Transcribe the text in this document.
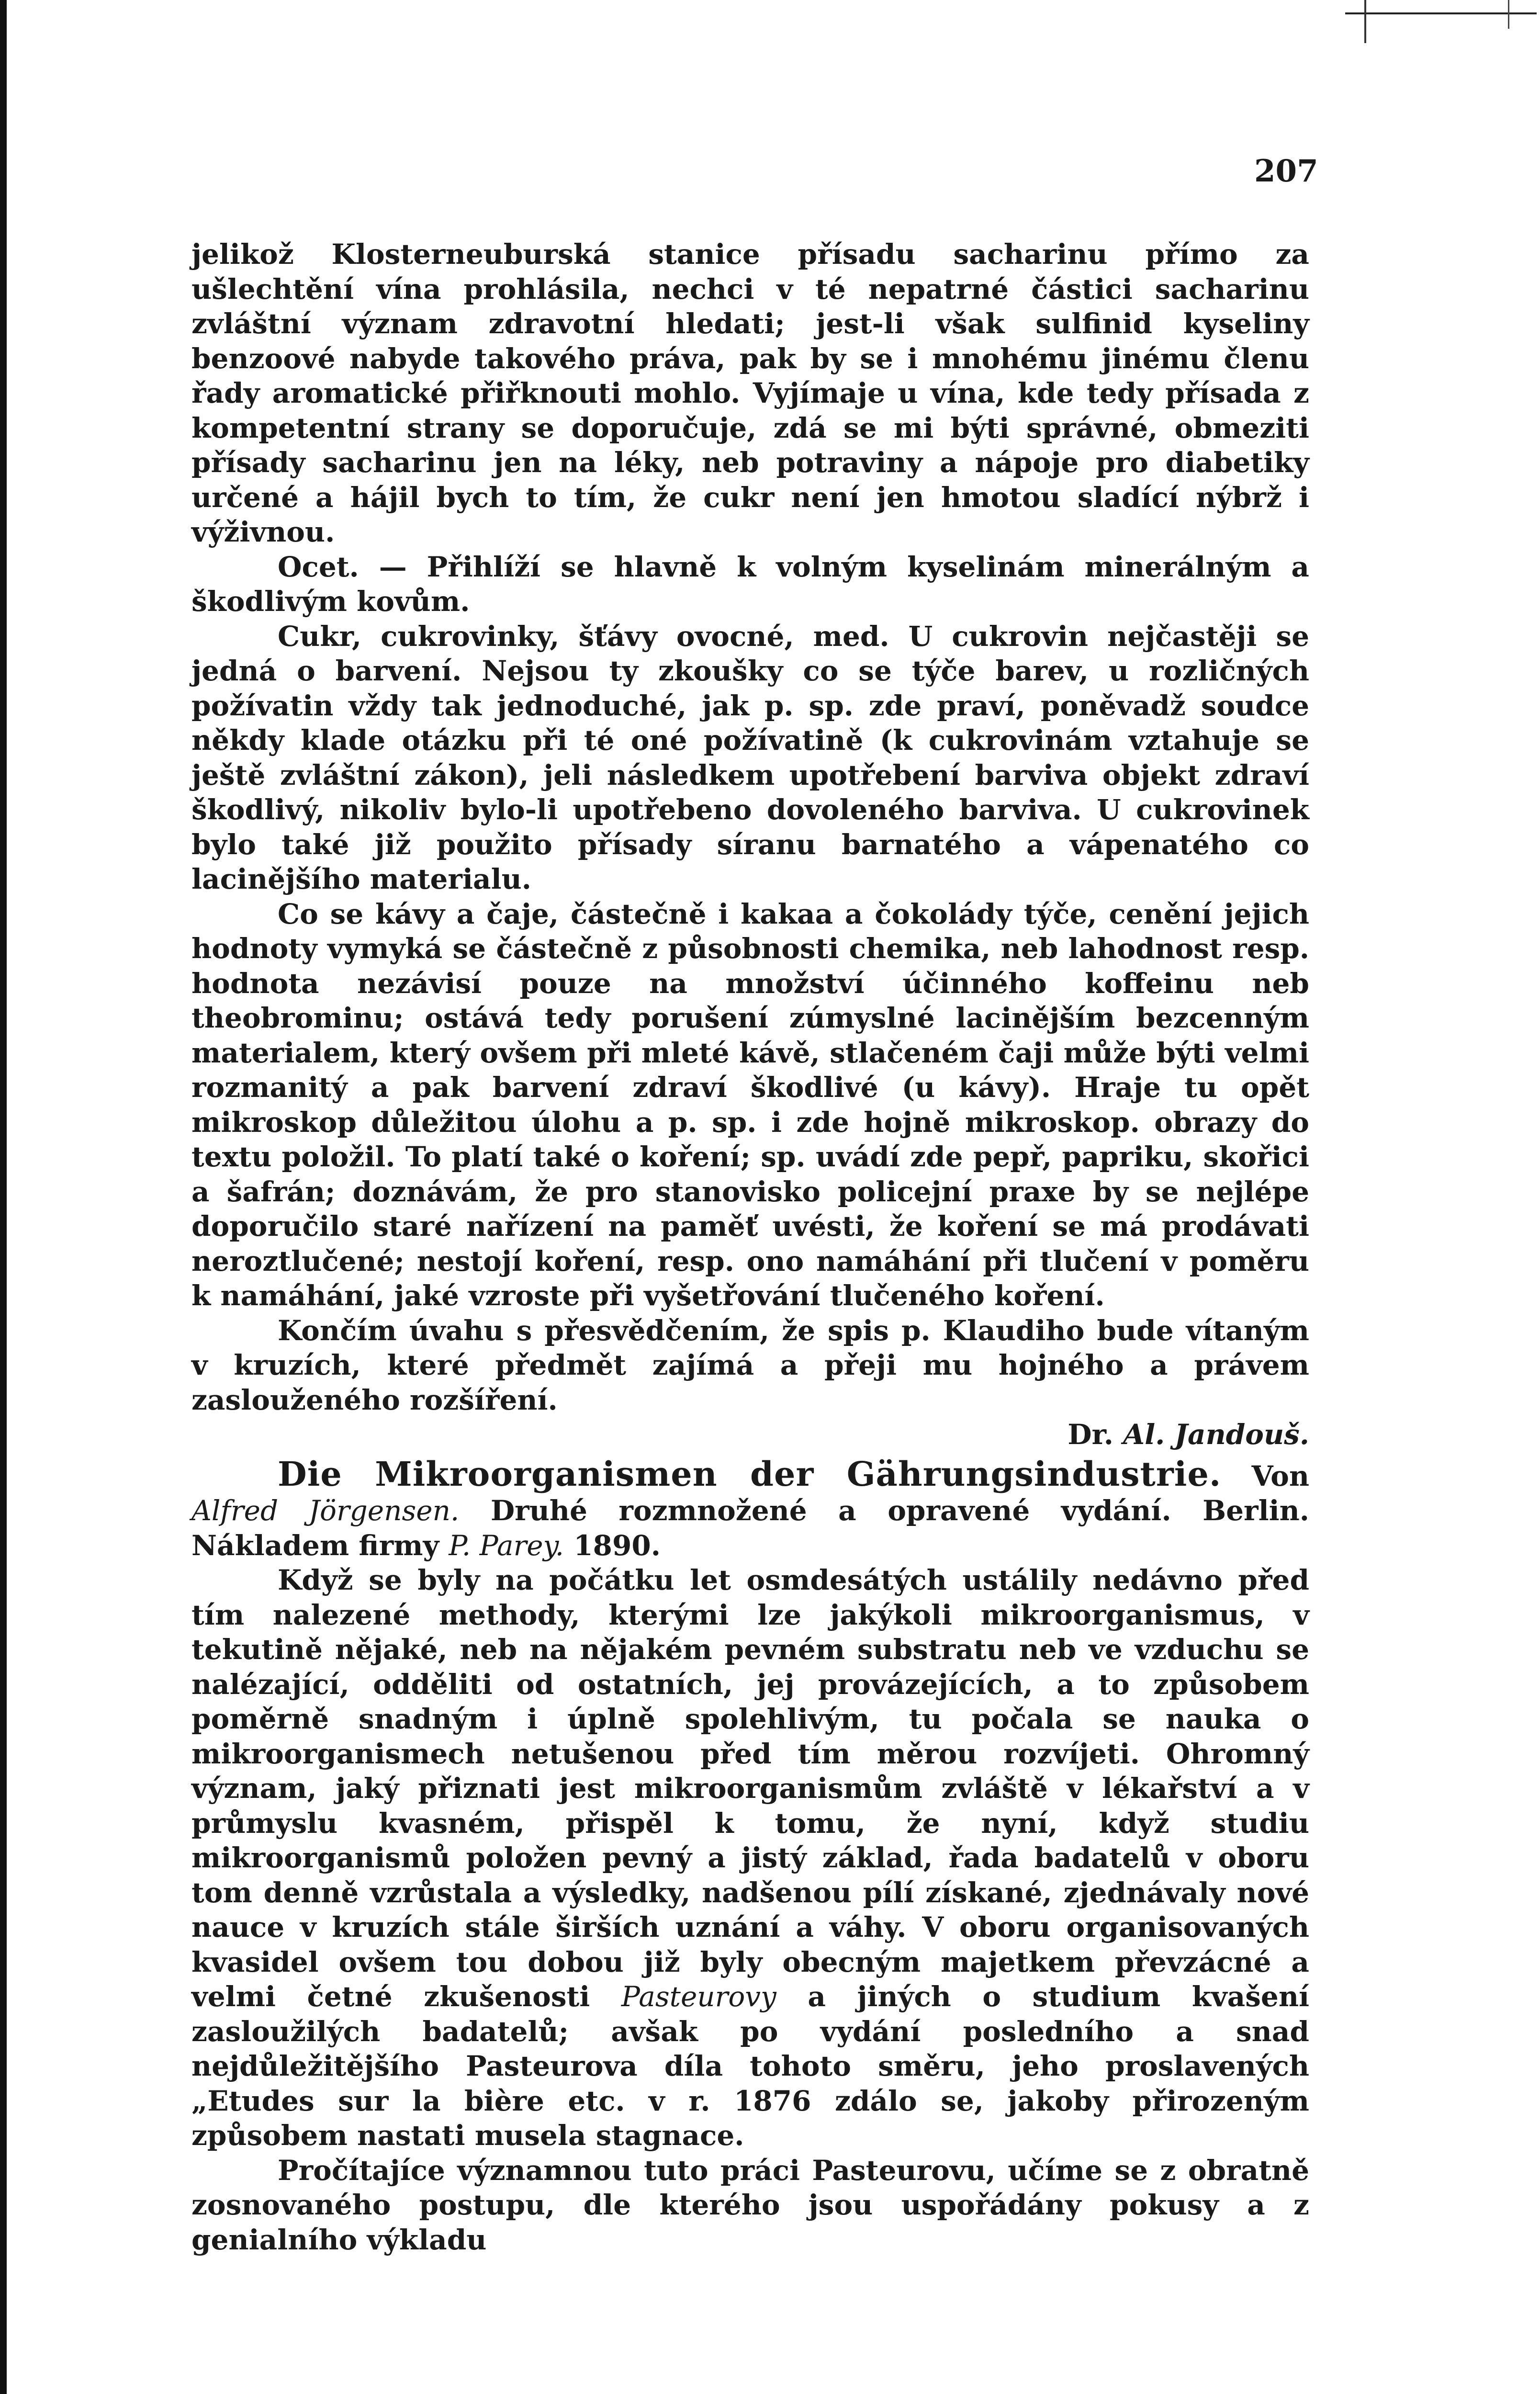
207

jelikož Klosterneuburská stanice přísadu sacharinu přímo za ušlechtění vína prohlásila, nechci v té nepatrné částici sacharinu zvláštní význam zdravotní hledati; jest-li však sulfinid kyseliny benzoové nabyde takového práva, pak by se i mnohému jinému členu řady aromatické přiřknouti mohlo. Vyjímaje u vína, kde tedy přísada z kompetentní strany se doporučuje, zdá se mi býti správné, obmeziti přísady sacharinu jen na léky, neb potraviny a nápoje pro diabetiky určené a hájil bych to tím, že cukr není jen hmotou sladící nýbrž i výživnou.

Ocet. — Přihlíží se hlavně k volným kyselinám minerálným a škodlivým kovům.

Cukr, cukrovinky, šťávy ovocné, med. U cukrovin nejčastěji se jedná o barvení. Nejsou ty zkoušky co se týče barev, u rozličných požívatin vždy tak jednoduché, jak p. sp. zde praví, poněvadž soudce někdy klade otázku při té oné požívatině (k cukrovinám vztahuje se ještě zvláštní zákon), jeli následkem upotřebení barviva objekt zdraví škodlivý, nikoliv bylo-li upotřebeno dovoleného barviva. U cukrovinek bylo také již použito přísady síranu barnatého a vápenatého co lacinějšího materialu.

Co se kávy a čaje, částečně i kakaa a čokolády týče, cenění jejich hodnoty vymyká se částečně z působnosti chemika, neb lahodnost resp. hodnota nezávisí pouze na množství účinného koffeinu neb theobrominu; ostává tedy porušení zúmyslné lacinějším bezcenným materialem, který ovšem při mleté kávě, stlačeném čaji může býti velmi rozmanitý a pak barvení zdraví škodlivé (u kávy). Hraje tu opět mikroskop důležitou úlohu a p. sp. i zde hojně mikroskop. obrazy do textu položil. To platí také o koření; sp. uvádí zde pepř, papriku, skořici a šafrán; doznávám, že pro stanovisko policejní praxe by se nejlépe doporučilo staré nařízení na paměť uvésti, že koření se má prodávati neroztlučené; nestojí koření, resp. ono namáhání při tlučení v poměru k namáhání, jaké vzroste při vyšetřování tlučeného koření.

Končím úvahu s přesvědčením, že spis p. Klaudiho bude vítaným v kruzích, které předmět zajímá a přeji mu hojného a právem zaslouženého rozšíření.

Dr. Al. Jandouš.

Die Mikroorganismen der Gährungsindustrie. Von Alfred Jörgensen. Druhé rozmnožené a opravené vydání. Berlin. Nákladem firmy P. Parey. 1890.

Když se byly na počátku let osmdesátých ustálily nedávno před tím nalezené methody, kterými lze jakýkoli mikroorganismus, v tekutině nějaké, neb na nějakém pevném substratu neb ve vzduchu se nalézající, odděliti od ostatních, jej provázejících, a to způsobem poměrně snadným i úplně spolehlivým, tu počala se nauka o mikroorganismech netušenou před tím měrou rozvíjeti. Ohromný význam, jaký přiznati jest mikroorganismům zvláště v lékařství a v průmyslu kvasném, přispěl k tomu, že nyní, když studiu mikroorganismů položen pevný a jistý základ, řada badatelů v oboru tom denně vzrůstala a výsledky, nadšenou pílí získané, zjednávaly nové nauce v kruzích stále širších uznání a váhy. V oboru organisovaných kvasidel ovšem tou dobou již byly obecným majetkem převzácné a velmi četné zkušenosti Pasteurovy a jiných o studium kvašení zasloužilých badatelů; avšak po vydání posledního a snad nejdůležitějšího Pasteurova díla tohoto směru, jeho proslavených „Etudes sur la bière etc. v r. 1876 zdálo se, jakoby přirozeným způsobem nastati musela stagnace.

Pročítajíce významnou tuto práci Pasteurovu, učíme se z obratně zosnovaného postupu, dle kterého jsou uspořádány pokusy a z genialního výkladu
